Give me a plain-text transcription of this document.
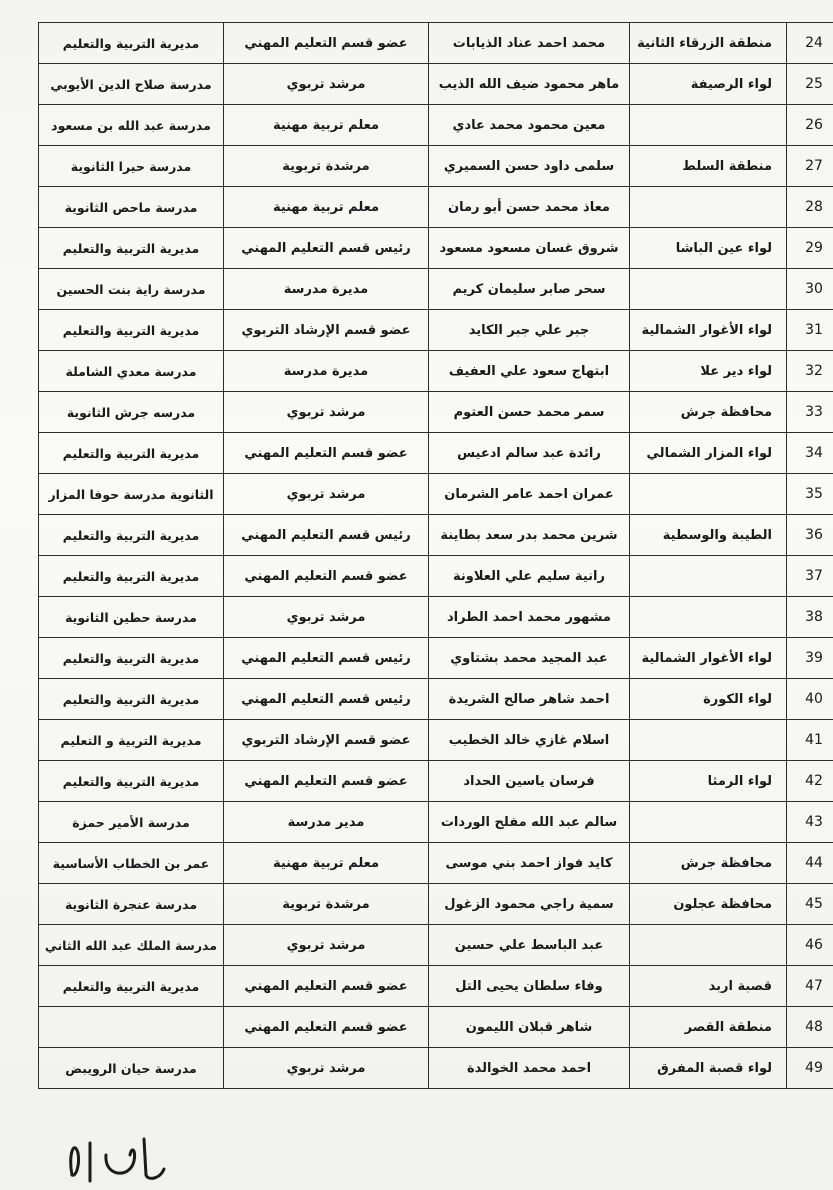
مديرية التربية والتعليم	عضو قسم التعليم المهني	محمد احمد عناد الذيابات	منطقة الزرقاء الثانية	24
مدرسة صلاح الدين الأيوبي	مرشد تربوي	ماهر محمود ضيف الله الذيب	لواء الرصيفة	25
مدرسة عبد الله بن مسعود	معلم تربية مهنية	معين محمود محمد عادي		26
مدرسة حيرا الثانوية	مرشدة تربوية	سلمى داود حسن السميري	منطقة السلط	27
مدرسة ماحص الثانوية	معلم تربية مهنية	معاذ محمد حسن أبو رمان		28
مديرية التربية والتعليم	رئيس قسم التعليم المهني	شروق غسان مسعود مسعود	لواء عين الباشا	29
مدرسة راية بنت الحسين	مديرة مدرسة	سحر صابر سليمان كريم		30
مديرية التربية والتعليم	عضو قسم الإرشاد التربوي	جبر علي جبر الكايد	لواء الأغوار الشمالية	31
مدرسة معدي الشاملة	مديرة مدرسة	ابتهاج سعود علي العفيف	لواء دير علا	32
مدرسه جرش الثانوية	مرشد تربوي	سمر محمد حسن العتوم	محافظة جرش	33
مديرية التربية والتعليم	عضو قسم التعليم المهني	رائدة عبد سالم ادعيس	لواء المزار الشمالي	34
الثانوية مدرسة حوفا المزار	مرشد تربوي	عمران احمد عامر الشرمان		35
مديرية التربية والتعليم	رئيس قسم التعليم المهني	شرين محمد بدر سعد بطاينة	الطيبة والوسطية	36
مديرية التربية والتعليم	عضو قسم التعليم المهني	رانية سليم علي العلاونة		37
مدرسة حطين الثانوية	مرشد تربوي	مشهور محمد احمد الطراد		38
مديرية التربية والتعليم	رئيس قسم التعليم المهني	عبد المجيد محمد بشتاوي	لواء الأغوار الشمالية	39
مديرية التربية والتعليم	رئيس قسم التعليم المهني	احمد شاهر صالح الشريدة	لواء الكورة	40
مديرية التربية و التعليم	عضو قسم الإرشاد التربوي	اسلام غازي خالد الخطيب		41
مديرية التربية والتعليم	عضو قسم التعليم المهني	فرسان ياسين الحداد	لواء الرمثا	42
مدرسة الأمير حمزة	مدير مدرسة	سالم عبد الله مفلح الوردات		43
عمر بن الخطاب الأساسية	معلم تربية مهنية	كايد فواز احمد بني موسى	محافظة جرش	44
مدرسة عنجرة الثانوية	مرشدة تربوية	سمية راجي محمود الزغول	محافظة عجلون	45
مدرسة الملك عبد الله الثاني	مرشد تربوي	عبد الباسط علي حسين		46
مديرية التربية والتعليم	عضو قسم التعليم المهني	وفاء سلطان يحيى التل	قصبة اربد	47
	عضو قسم التعليم المهني	شاهر قبلان الليمون	منطقة القصر	48
مدرسة حيان الرويبض	مرشد تربوي	احمد محمد الخوالدة	لواء قصبة المفرق	49
